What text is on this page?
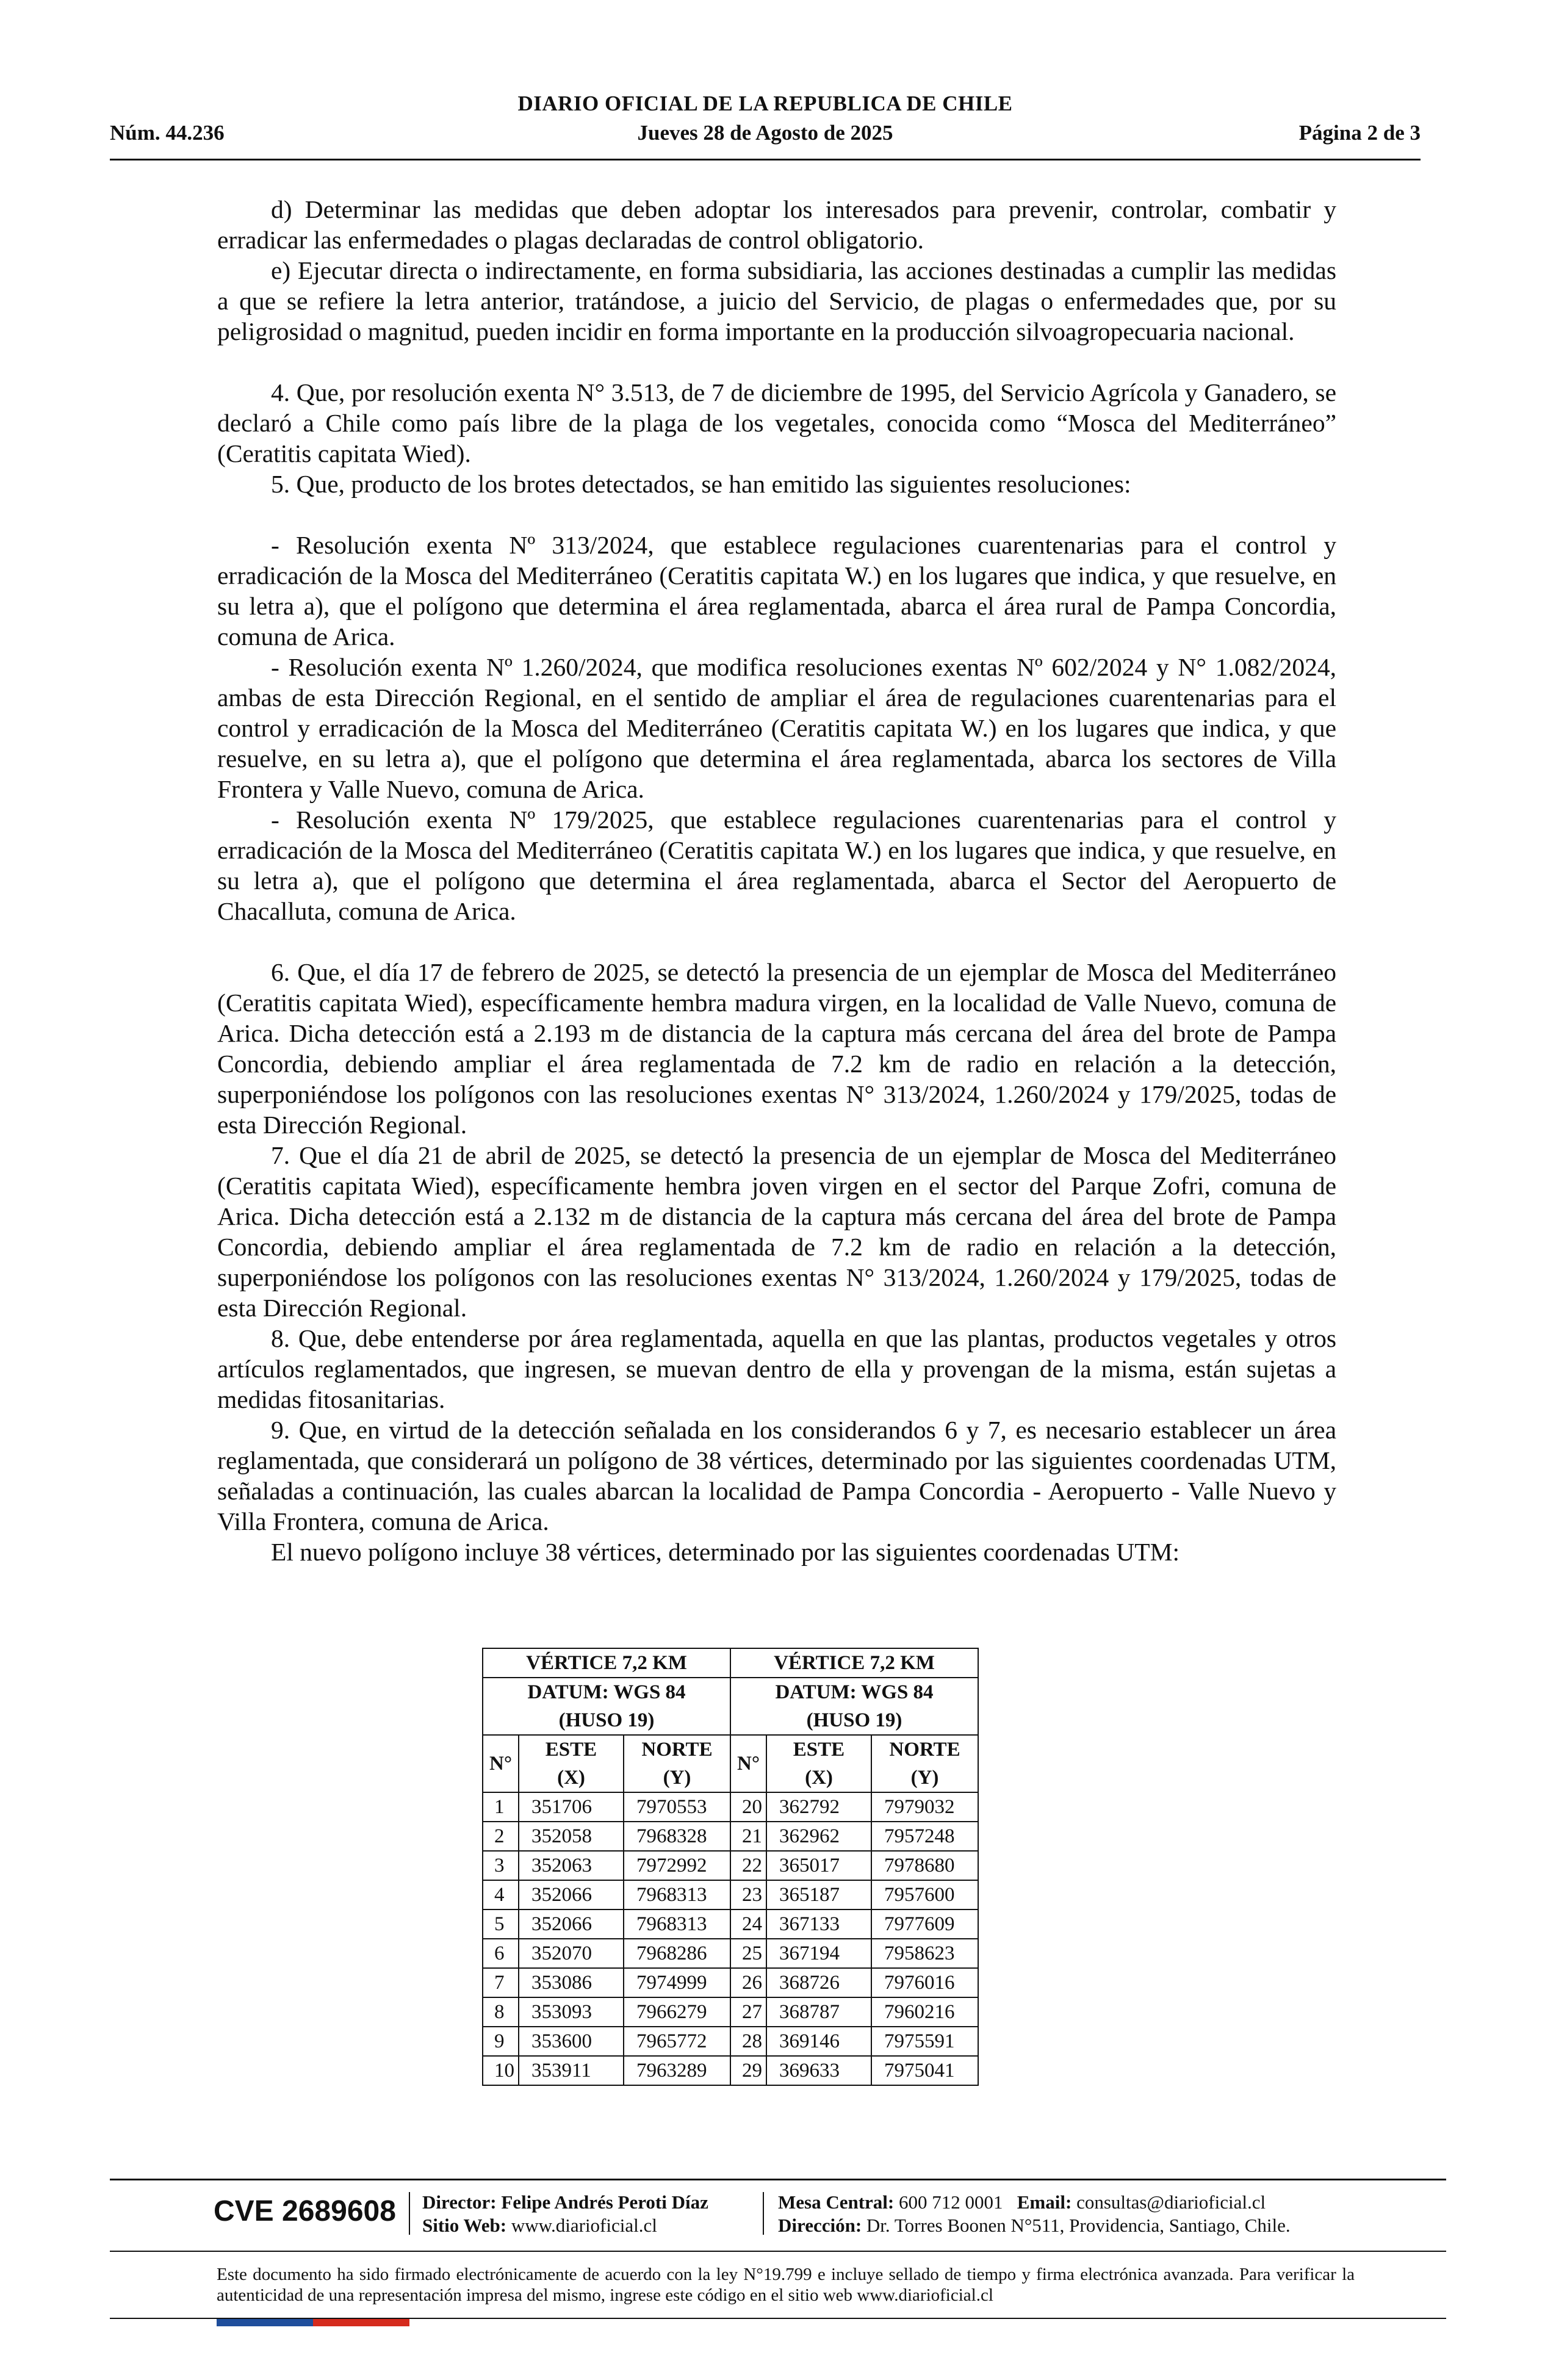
DIARIO OFICIAL DE LA REPUBLICA DE CHILE
Núm. 44.236	Jueves 28 de Agosto de 2025	Página 2 de 3

d) Determinar las medidas que deben adoptar los interesados para prevenir, controlar, combatir y erradicar las enfermedades o plagas declaradas de control obligatorio.

e) Ejecutar directa o indirectamente, en forma subsidiaria, las acciones destinadas a cumplir las medidas a que se refiere la letra anterior, tratándose, a juicio del Servicio, de plagas o enfermedades que, por su peligrosidad o magnitud, pueden incidir en forma importante en la producción silvoagropecuaria nacional.

4. Que, por resolución exenta N° 3.513, de 7 de diciembre de 1995, del Servicio Agrícola y Ganadero, se declaró a Chile como país libre de la plaga de los vegetales, conocida como “Mosca del Mediterráneo” (Ceratitis capitata Wied).

5. Que, producto de los brotes detectados, se han emitido las siguientes resoluciones:

- Resolución exenta Nº 313/2024, que establece regulaciones cuarentenarias para el control y erradicación de la Mosca del Mediterráneo (Ceratitis capitata W.) en los lugares que indica, y que resuelve, en su letra a), que el polígono que determina el área reglamentada, abarca el área rural de Pampa Concordia, comuna de Arica.

- Resolución exenta Nº 1.260/2024, que modifica resoluciones exentas Nº 602/2024 y N° 1.082/2024, ambas de esta Dirección Regional, en el sentido de ampliar el área de regulaciones cuarentenarias para el control y erradicación de la Mosca del Mediterráneo (Ceratitis capitata W.) en los lugares que indica, y que resuelve, en su letra a), que el polígono que determina el área reglamentada, abarca los sectores de Villa Frontera y Valle Nuevo, comuna de Arica.

- Resolución exenta Nº 179/2025, que establece regulaciones cuarentenarias para el control y erradicación de la Mosca del Mediterráneo (Ceratitis capitata W.) en los lugares que indica, y que resuelve, en su letra a), que el polígono que determina el área reglamentada, abarca el Sector del Aeropuerto de Chacalluta, comuna de Arica.

6. Que, el día 17 de febrero de 2025, se detectó la presencia de un ejemplar de Mosca del Mediterráneo (Ceratitis capitata Wied), específicamente hembra madura virgen, en la localidad de Valle Nuevo, comuna de Arica. Dicha detección está a 2.193 m de distancia de la captura más cercana del área del brote de Pampa Concordia, debiendo ampliar el área reglamentada de 7.2 km de radio en relación a la detección, superponiéndose los polígonos con las resoluciones exentas N° 313/2024, 1.260/2024 y 179/2025, todas de esta Dirección Regional.

7. Que el día 21 de abril de 2025, se detectó la presencia de un ejemplar de Mosca del Mediterráneo (Ceratitis capitata Wied), específicamente hembra joven virgen en el sector del Parque Zofri, comuna de Arica. Dicha detección está a 2.132 m de distancia de la captura más cercana del área del brote de Pampa Concordia, debiendo ampliar el área reglamentada de 7.2 km de radio en relación a la detección, superponiéndose los polígonos con las resoluciones exentas N° 313/2024, 1.260/2024 y 179/2025, todas de esta Dirección Regional.

8. Que, debe entenderse por área reglamentada, aquella en que las plantas, productos vegetales y otros artículos reglamentados, que ingresen, se muevan dentro de ella y provengan de la misma, están sujetas a medidas fitosanitarias.

9. Que, en virtud de la detección señalada en los considerandos 6 y 7, es necesario establecer un área reglamentada, que considerará un polígono de 38 vértices, determinado por las siguientes coordenadas UTM, señaladas a continuación, las cuales abarcan la localidad de Pampa Concordia - Aeropuerto - Valle Nuevo y Villa Frontera, comuna de Arica.

El nuevo polígono incluye 38 vértices, determinado por las siguientes coordenadas UTM:

VÉRTICE 7,2 KM			VÉRTICE 7,2 KM		
DATUM: WGS 84			DATUM: WGS 84		
(HUSO 19)			(HUSO 19)		
N°	ESTE	NORTE	N°	ESTE	NORTE
	(X)	(Y)		(X)	(Y)
1	351706	7970553	20	362792	7979032
2	352058	7968328	21	362962	7957248
3	352063	7972992	22	365017	7978680
4	352066	7968313	23	365187	7957600
5	352066	7968313	24	367133	7977609
6	352070	7968286	25	367194	7958623
7	353086	7974999	26	368726	7976016
8	353093	7966279	27	368787	7960216
9	353600	7965772	28	369146	7975591
10	353911	7963289	29	369633	7975041
CVE 2689608 Director: Felipe Andrés Peroti Díaz
Sitio Web: www.diarioficial.cl
Mesa Central: 600 712 0001 Email: consultas@diarioficial.cl
Dirección: Dr. Torres Boonen N°511, Providencia, Santiago, Chile.
Este documento ha sido firmado electrónicamente de acuerdo con la ley N°19.799 e incluye sellado de tiempo y firma electrónica avanzada. Para verificar la autenticidad de una representación impresa del mismo, ingrese este código en el sitio web www.diarioficial.cl
